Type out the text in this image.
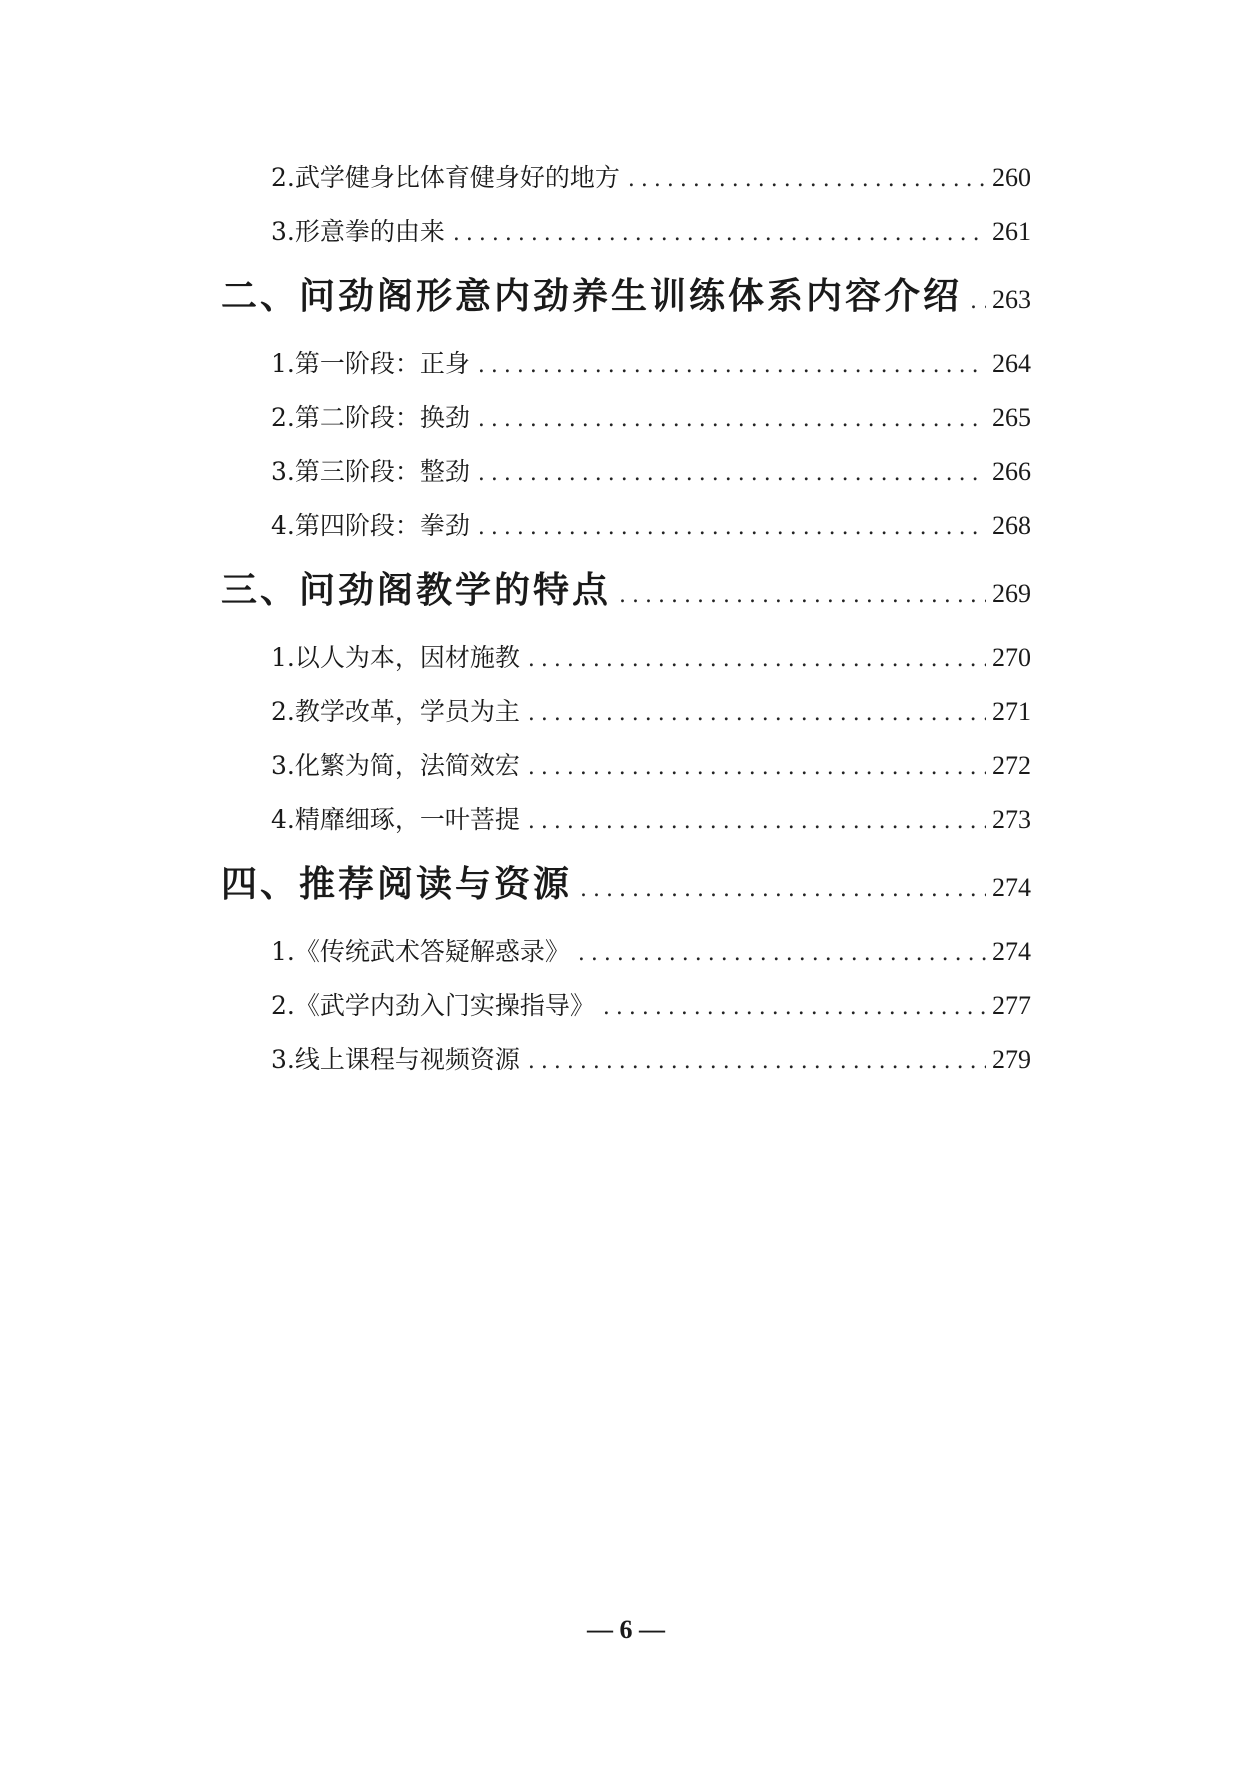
2.武学健身比体育健身好的地方 .....	260
3.形意拳的由来 .....	261
二、问劲阁形意内劲养生训练体系内容介绍 ..... 263
1.第一阶段：正身 .....	264
2.第二阶段：换劲 .....	265
3.第三阶段：整劲 .....	266
4.第四阶段：拳劲 .....	268
三、问劲阁教学的特点 .....	269
1.以人为本，因材施教 .....	270
2.教学改革，学员为主 .....	271
3.化繁为简，法简效宏 .....	272
4.精靡细琢，一叶菩提 .....	273
四、推荐阅读与资源 .....	274
1.《传统武术答疑解惑录》 .....	274
2.《武学内劲入门实操指导》 .....	277
3.线上课程与视频资源 .....	279
— 6 —
